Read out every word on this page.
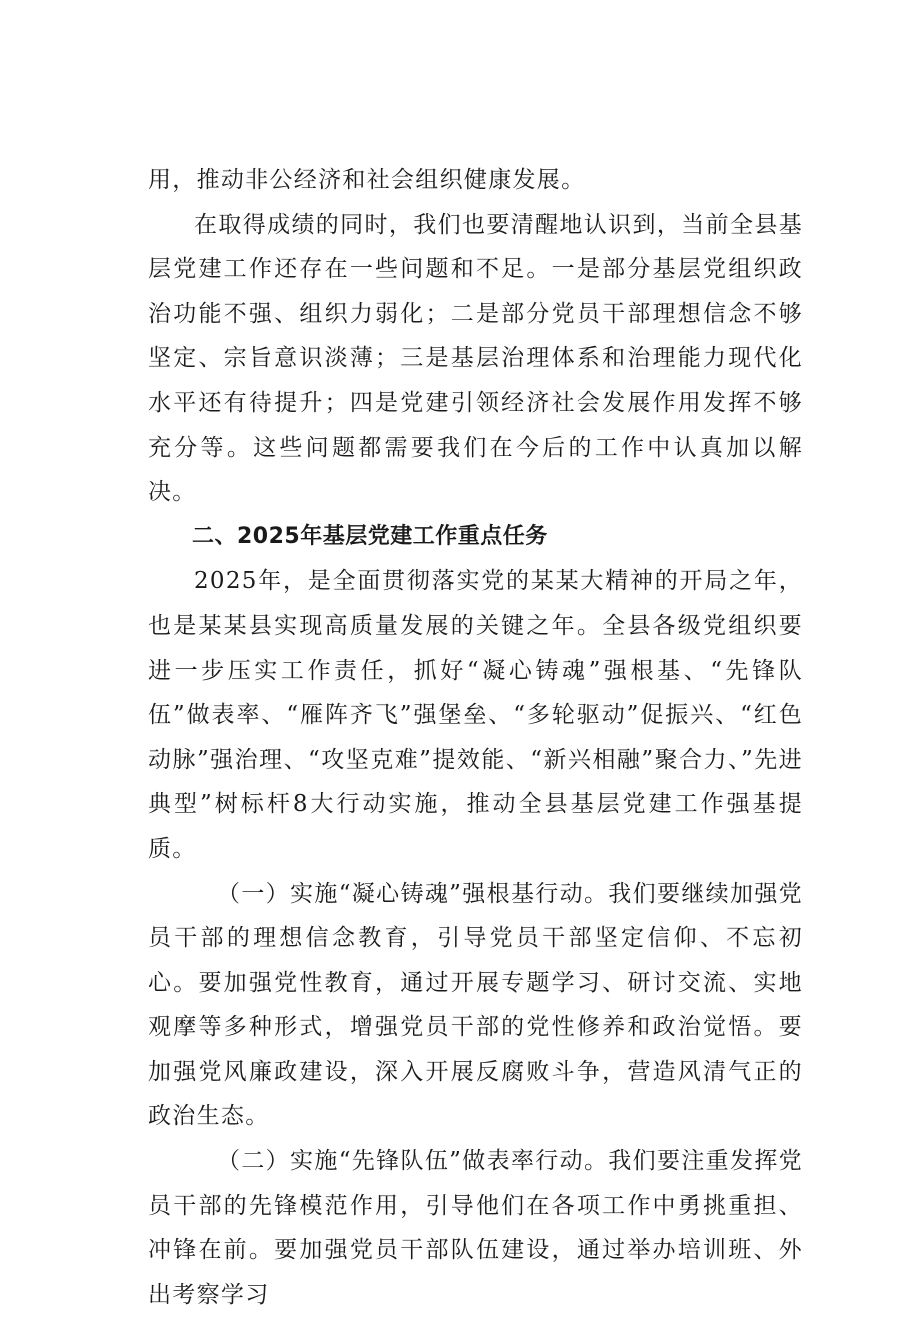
用，推动非公经济和社会组织健康发展。

在取得成绩的同时，我们也要清醒地认识到，当前全县基层党建工作还存在一些问题和不足。一是部分基层党组织政治功能不强、组织力弱化；二是部分党员干部理想信念不够坚定、宗旨意识淡薄；三是基层治理体系和治理能力现代化水平还有待提升；四是党建引领经济社会发展作用发挥不够充分等。这些问题都需要我们在今后的工作中认真加以解决。

二、2025年基层党建工作重点任务

2025年，是全面贯彻落实党的某某大精神的开局之年，也是某某县实现高质量发展的关键之年。全县各级党组织要进一步压实工作责任，抓好“凝心铸魂”强根基、“先锋队伍”做表率、“雁阵齐飞”强堡垒、“多轮驱动”促振兴、“红色动脉”强治理、“攻坚克难”提效能、“新兴相融”聚合力、”先进典型”树标杆8大行动实施，推动全县基层党建工作强基提质。

（一）实施“凝心铸魂”强根基行动。我们要继续加强党员干部的理想信念教育，引导党员干部坚定信仰、不忘初心。要加强党性教育，通过开展专题学习、研讨交流、实地观摩等多种形式，增强党员干部的党性修养和政治觉悟。要加强党风廉政建设，深入开展反腐败斗争，营造风清气正的政治生态。

（二）实施“先锋队伍”做表率行动。我们要注重发挥党员干部的先锋模范作用，引导他们在各项工作中勇挑重担、冲锋在前。要加强党员干部队伍建设，通过举办培训班、外出考察学习
